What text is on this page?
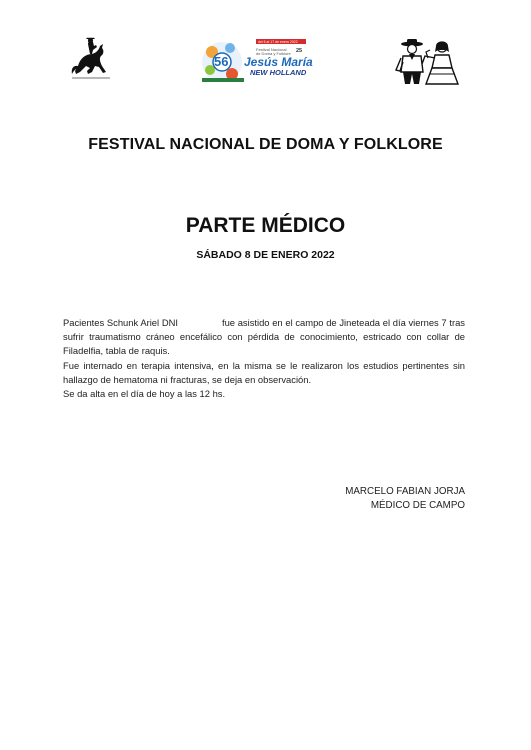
del 6 al 17 de enero 2022
56
Festival Nacional
de Doma y Folklore 25
Jesús María
NEW HOLLAND
FESTIVAL NACIONAL DE DOMA Y FOLKLORE
PARTE MÉDICO
SÁBADO 8 DE ENERO 2022

Pacientes Schunk Ariel DNI	fue asistido en el campo de Jineteada el día viernes 7 tras sufrir traumatismo cráneo encefálico con pérdida de conocimiento, estricado con collar de Filadelfia, tabla de raquis.

Fue internado en terapia intensiva, en la misma se le realizaron los estudios pertinentes sin hallazgo de hematoma ni fracturas, se deja en observación.

Se da alta en el día de hoy a las 12 hs.

MARCELO FABIAN JORJA
MÉDICO DE CAMPO
